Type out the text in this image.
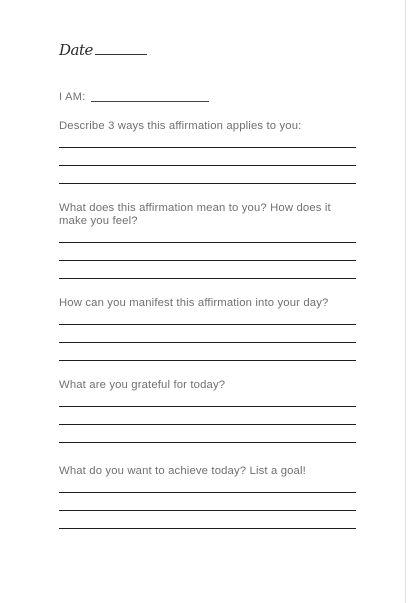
Date
I AM:
Describe 3 ways this affirmation applies to you:
What does this affirmation mean to you? How does it make you feel?
How can you manifest this affirmation into your day?
What are you grateful for today?
What do you want to achieve today? List a goal!
